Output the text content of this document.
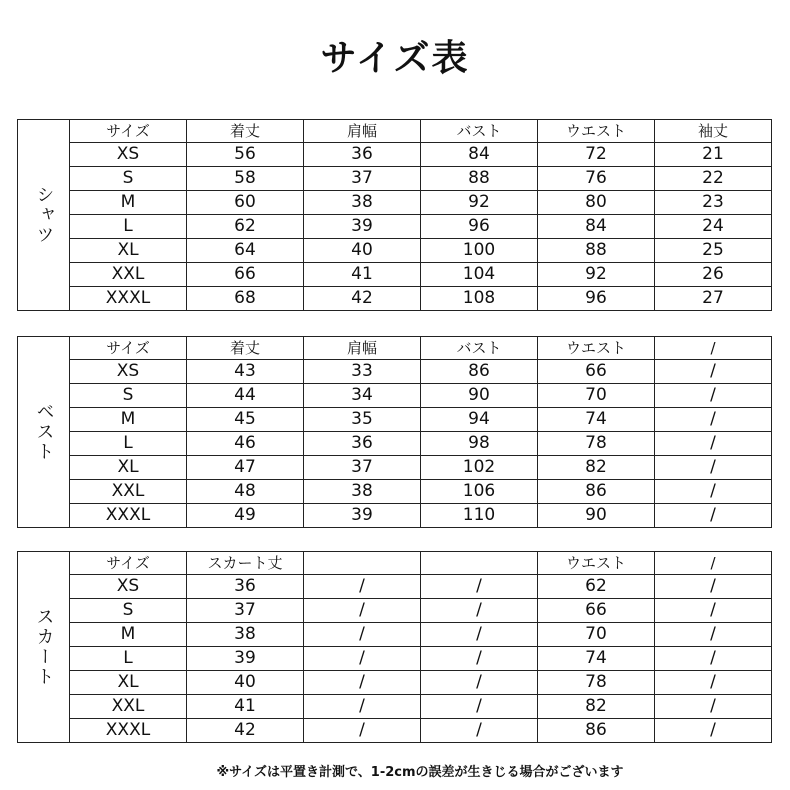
サイズ表
シャツ	サイズ	着丈	肩幅	バスト	ウエスト	袖丈
	XS	56	36	84	72	21
	S	58	37	88	76	22
	M	60	38	92	80	23
	L	62	39	96	84	24
	XL	64	40	100	88	25
	XXL	66	41	104	92	26
	XXXL	68	42	108	96	27
ベスト	サイズ	着丈	肩幅	バスト	ウエスト	/
	XS	43	33	86	66	/
	S	44	34	90	70	/
	M	45	35	94	74	/
	L	46	36	98	78	/
	XL	47	37	102	82	/
	XXL	48	38	106	86	/
	XXXL	49	39	110	90	/
スカート	サイズ	スカート丈			ウエスト	/
	XS	36	/	/	62	/
	S	37	/	/	66	/
	M	38	/	/	70	/
	L	39	/	/	74	/
	XL	40	/	/	78	/
	XXL	41	/	/	82	/
	XXXL	42	/	/	86	/
※サイズは平置き計測で、1-2cmの誤差が生きじる場合がございます
